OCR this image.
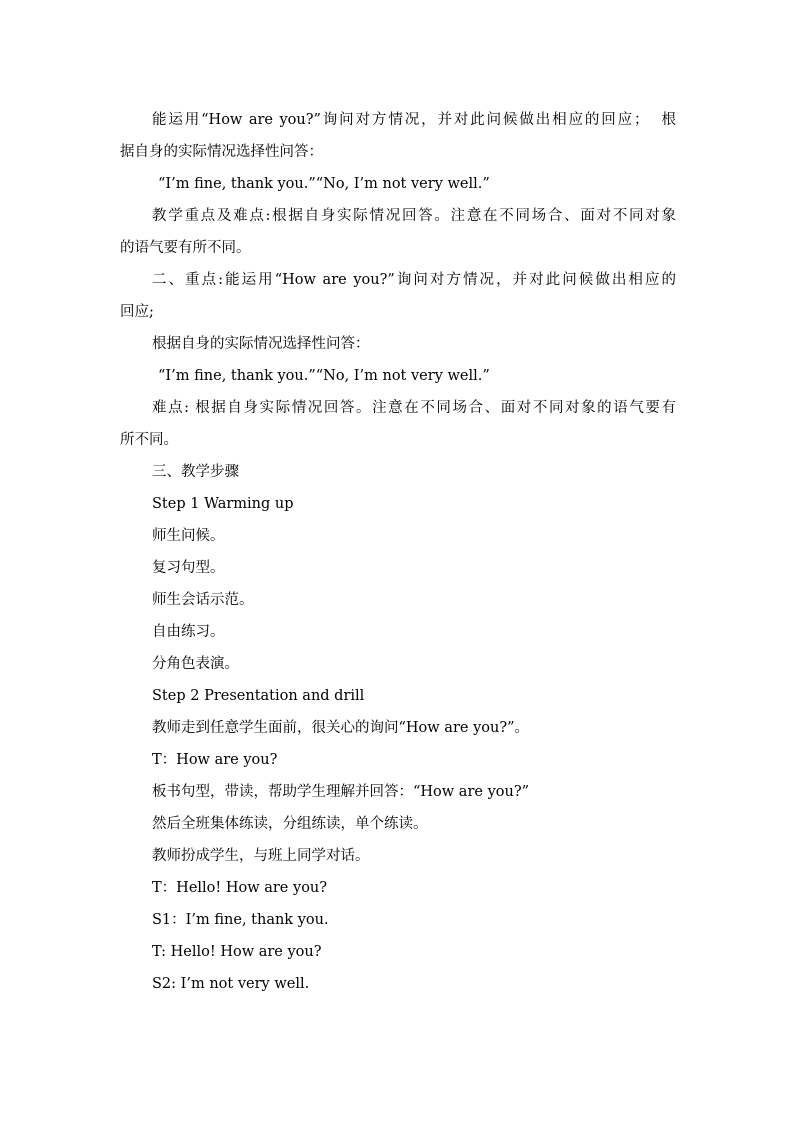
能运用“How are you?”询问对方情况，并对此问候做出相应的回应；  根
据自身的实际情况选择性问答：
“I’m fine, thank you.”“No, I’m not very well.”
教学重点及难点:根据自身实际情况回答。注意在不同场合、面对不同对象
的语气要有所不同。
二、重点:能运用“How are you?”询问对方情况，并对此问候做出相应的
回应;
根据自身的实际情况选择性问答：
“I’m fine, thank you.”“No, I’m not very well.”
难点: 根据自身实际情况回答。注意在不同场合、面对不同对象的语气要有
所不同。
三、教学步骤
Step 1 Warming up
师生问候。
复习句型。
师生会话示范。
自由练习。
分角色表演。
Step 2 Presentation and drill
教师走到任意学生面前，很关心的询问“How are you?”。
T：How are you?
板书句型，带读，帮助学生理解并回答：“How are you?”
然后全班集体练读，分组练读，单个练读。
教师扮成学生，与班上同学对话。
T：Hello! How are you?
S1：I’m fine, thank you.
T: Hello! How are you?
S2: I’m not very well.
